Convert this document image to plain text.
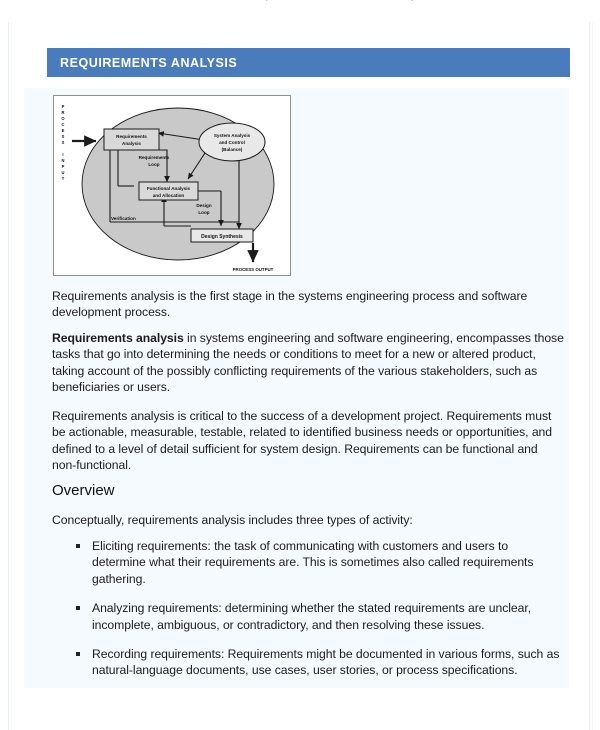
REQUIREMENTS ANALYSIS
P
R
O
C
E
S
S
I
N
P
U
T
Requirements
Analysis
System Analysis
and Control
(Balance)
Functional Analysis
and Allocation
Design Synthesis
Requirements
Loop
Design
Loop
Verification
PROCESS OUTPUT
Requirements analysis is the first stage in the systems engineering process and software development process.
Requirements analysis in systems engineering and software engineering, encompasses those tasks that go into determining the needs or conditions to meet for a new or altered product, taking account of the possibly conflicting requirements of the various stakeholders, such as beneficiaries or users.
Requirements analysis is critical to the success of a development project. Requirements must be actionable, measurable, testable, related to identified business needs or opportunities, and defined to a level of detail sufficient for system design. Requirements can be functional and non-functional.
Overview
Conceptually, requirements analysis includes three types of activity:
Eliciting requirements: the task of communicating with customers and users to determine what their requirements are. This is sometimes also called requirements gathering.
Analyzing requirements: determining whether the stated requirements are unclear, incomplete, ambiguous, or contradictory, and then resolving these issues.
Recording requirements: Requirements might be documented in various forms, such as natural-language documents, use cases, user stories, or process specifications.
